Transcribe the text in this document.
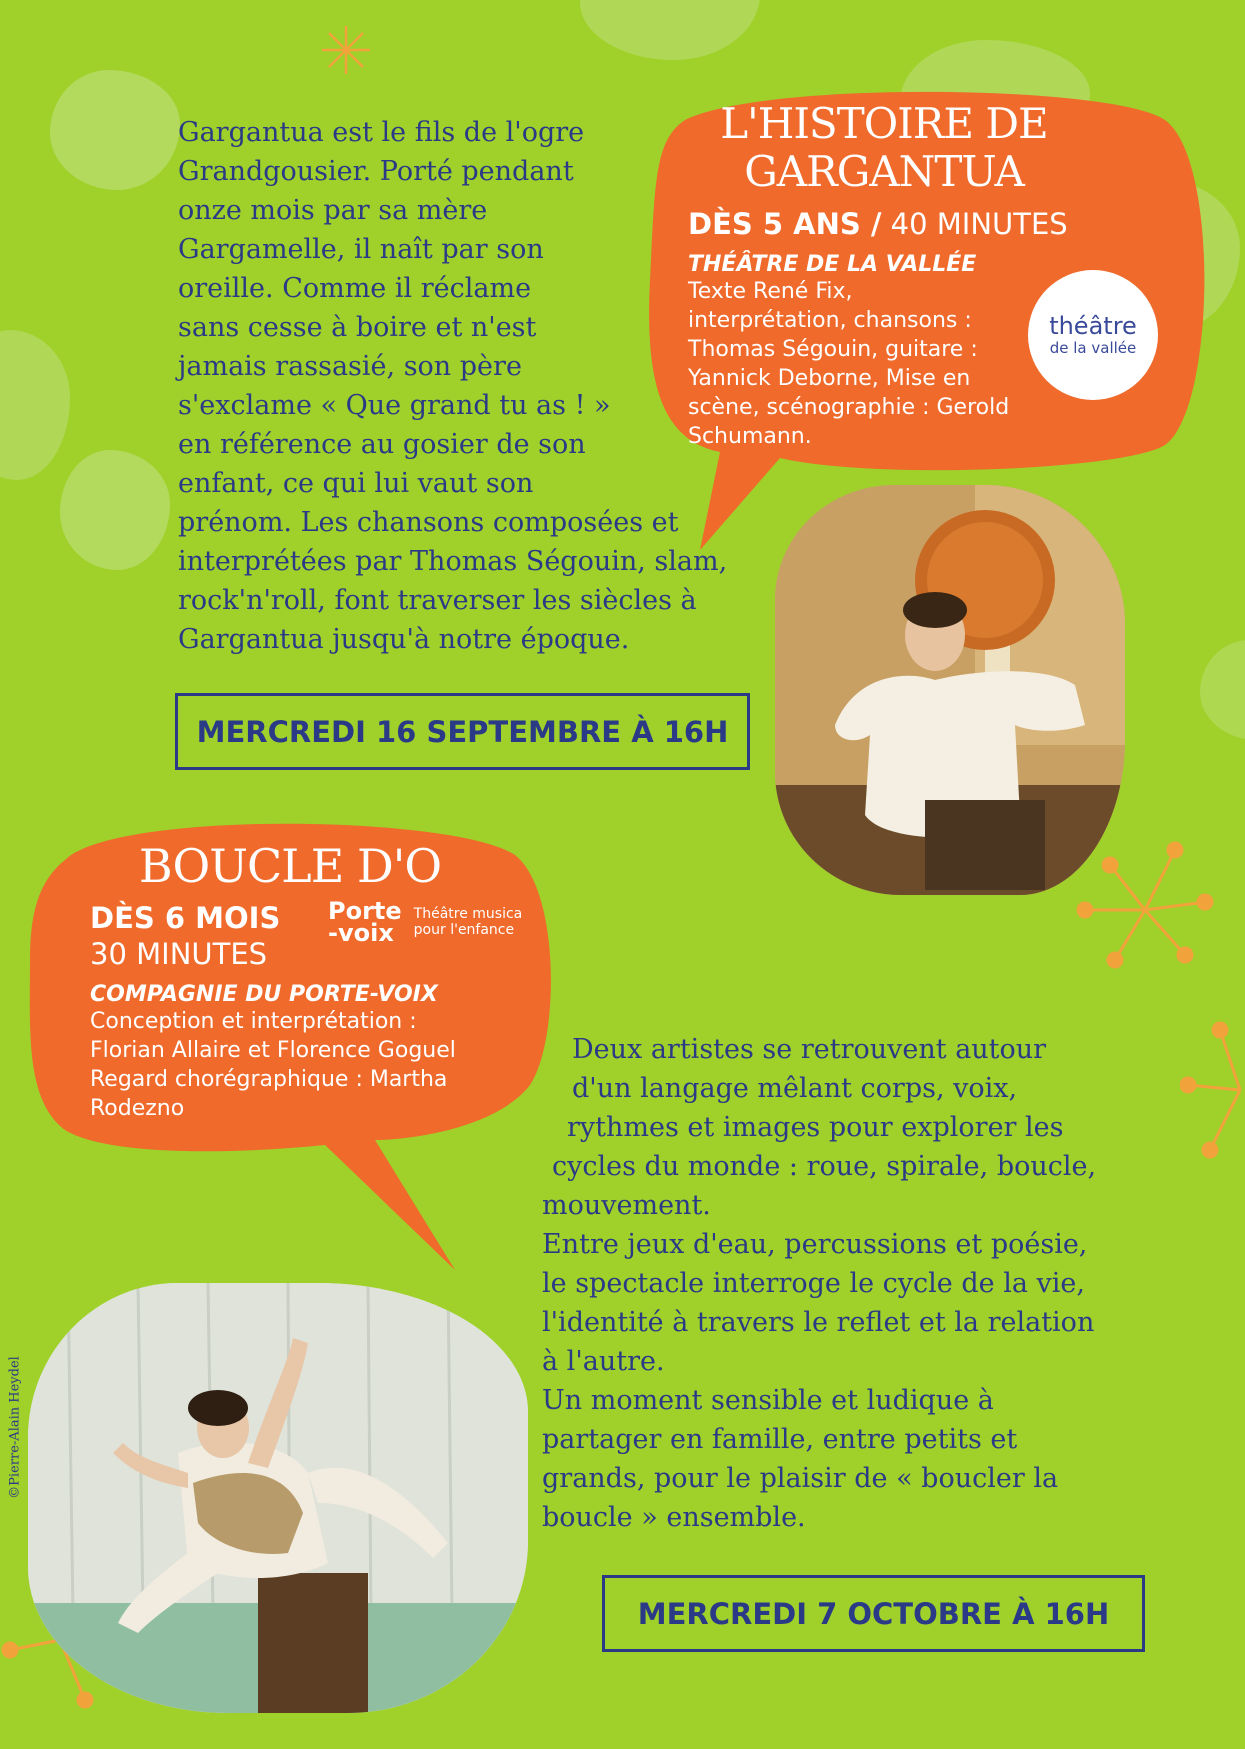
Gargantua est le fils de l'ogre
Grandgousier. Porté pendant
onze mois par sa mère
Gargamelle, il naît par son
oreille. Comme il réclame
sans cesse à boire et n'est
jamais rassasié, son père
s'exclame « Que grand tu as ! »
en référence au gosier de son
enfant, ce qui lui vaut son
prénom. Les chansons composées et
interprétées par Thomas Ségouin, slam,
rock'n'roll, font traverser les siècles à
Gargantua jusqu'à notre époque.
L'HISTOIRE DE
GARGANTUA
DÈS 5 ANS / 40 MINUTES
THÉÂTRE DE LA VALLÉE
Texte René Fix,
interprétation, chansons :
Thomas Ségouin, guitare :
Yannick Deborne, Mise en
scène, scénographie : Gerold
Schumann.
théâtre
de la vallée
MERCREDI 16 SEPTEMBRE À 16H
BOUCLE D'O
DÈS 6 MOIS
30 MINUTES
Porte
-voix
Théâtre musica
pour l'enfance
COMPAGNIE DU PORTE-VOIX
Conception et interprétation :
Florian Allaire et Florence Goguel
Regard chorégraphique : Martha
Rodezno
Deux artistes se retrouvent autour
d'un langage mêlant corps, voix,
rythmes et images pour explorer les
cycles du monde : roue, spirale, boucle,
mouvement.
Entre jeux d'eau, percussions et poésie,
le spectacle interroge le cycle de la vie,
l'identité à travers le reflet et la relation
à l'autre.
Un moment sensible et ludique à
partager en famille, entre petits et
grands, pour le plaisir de « boucler la
boucle » ensemble.
©Pierre-Alain Heydel
MERCREDI 7 OCTOBRE À 16H
